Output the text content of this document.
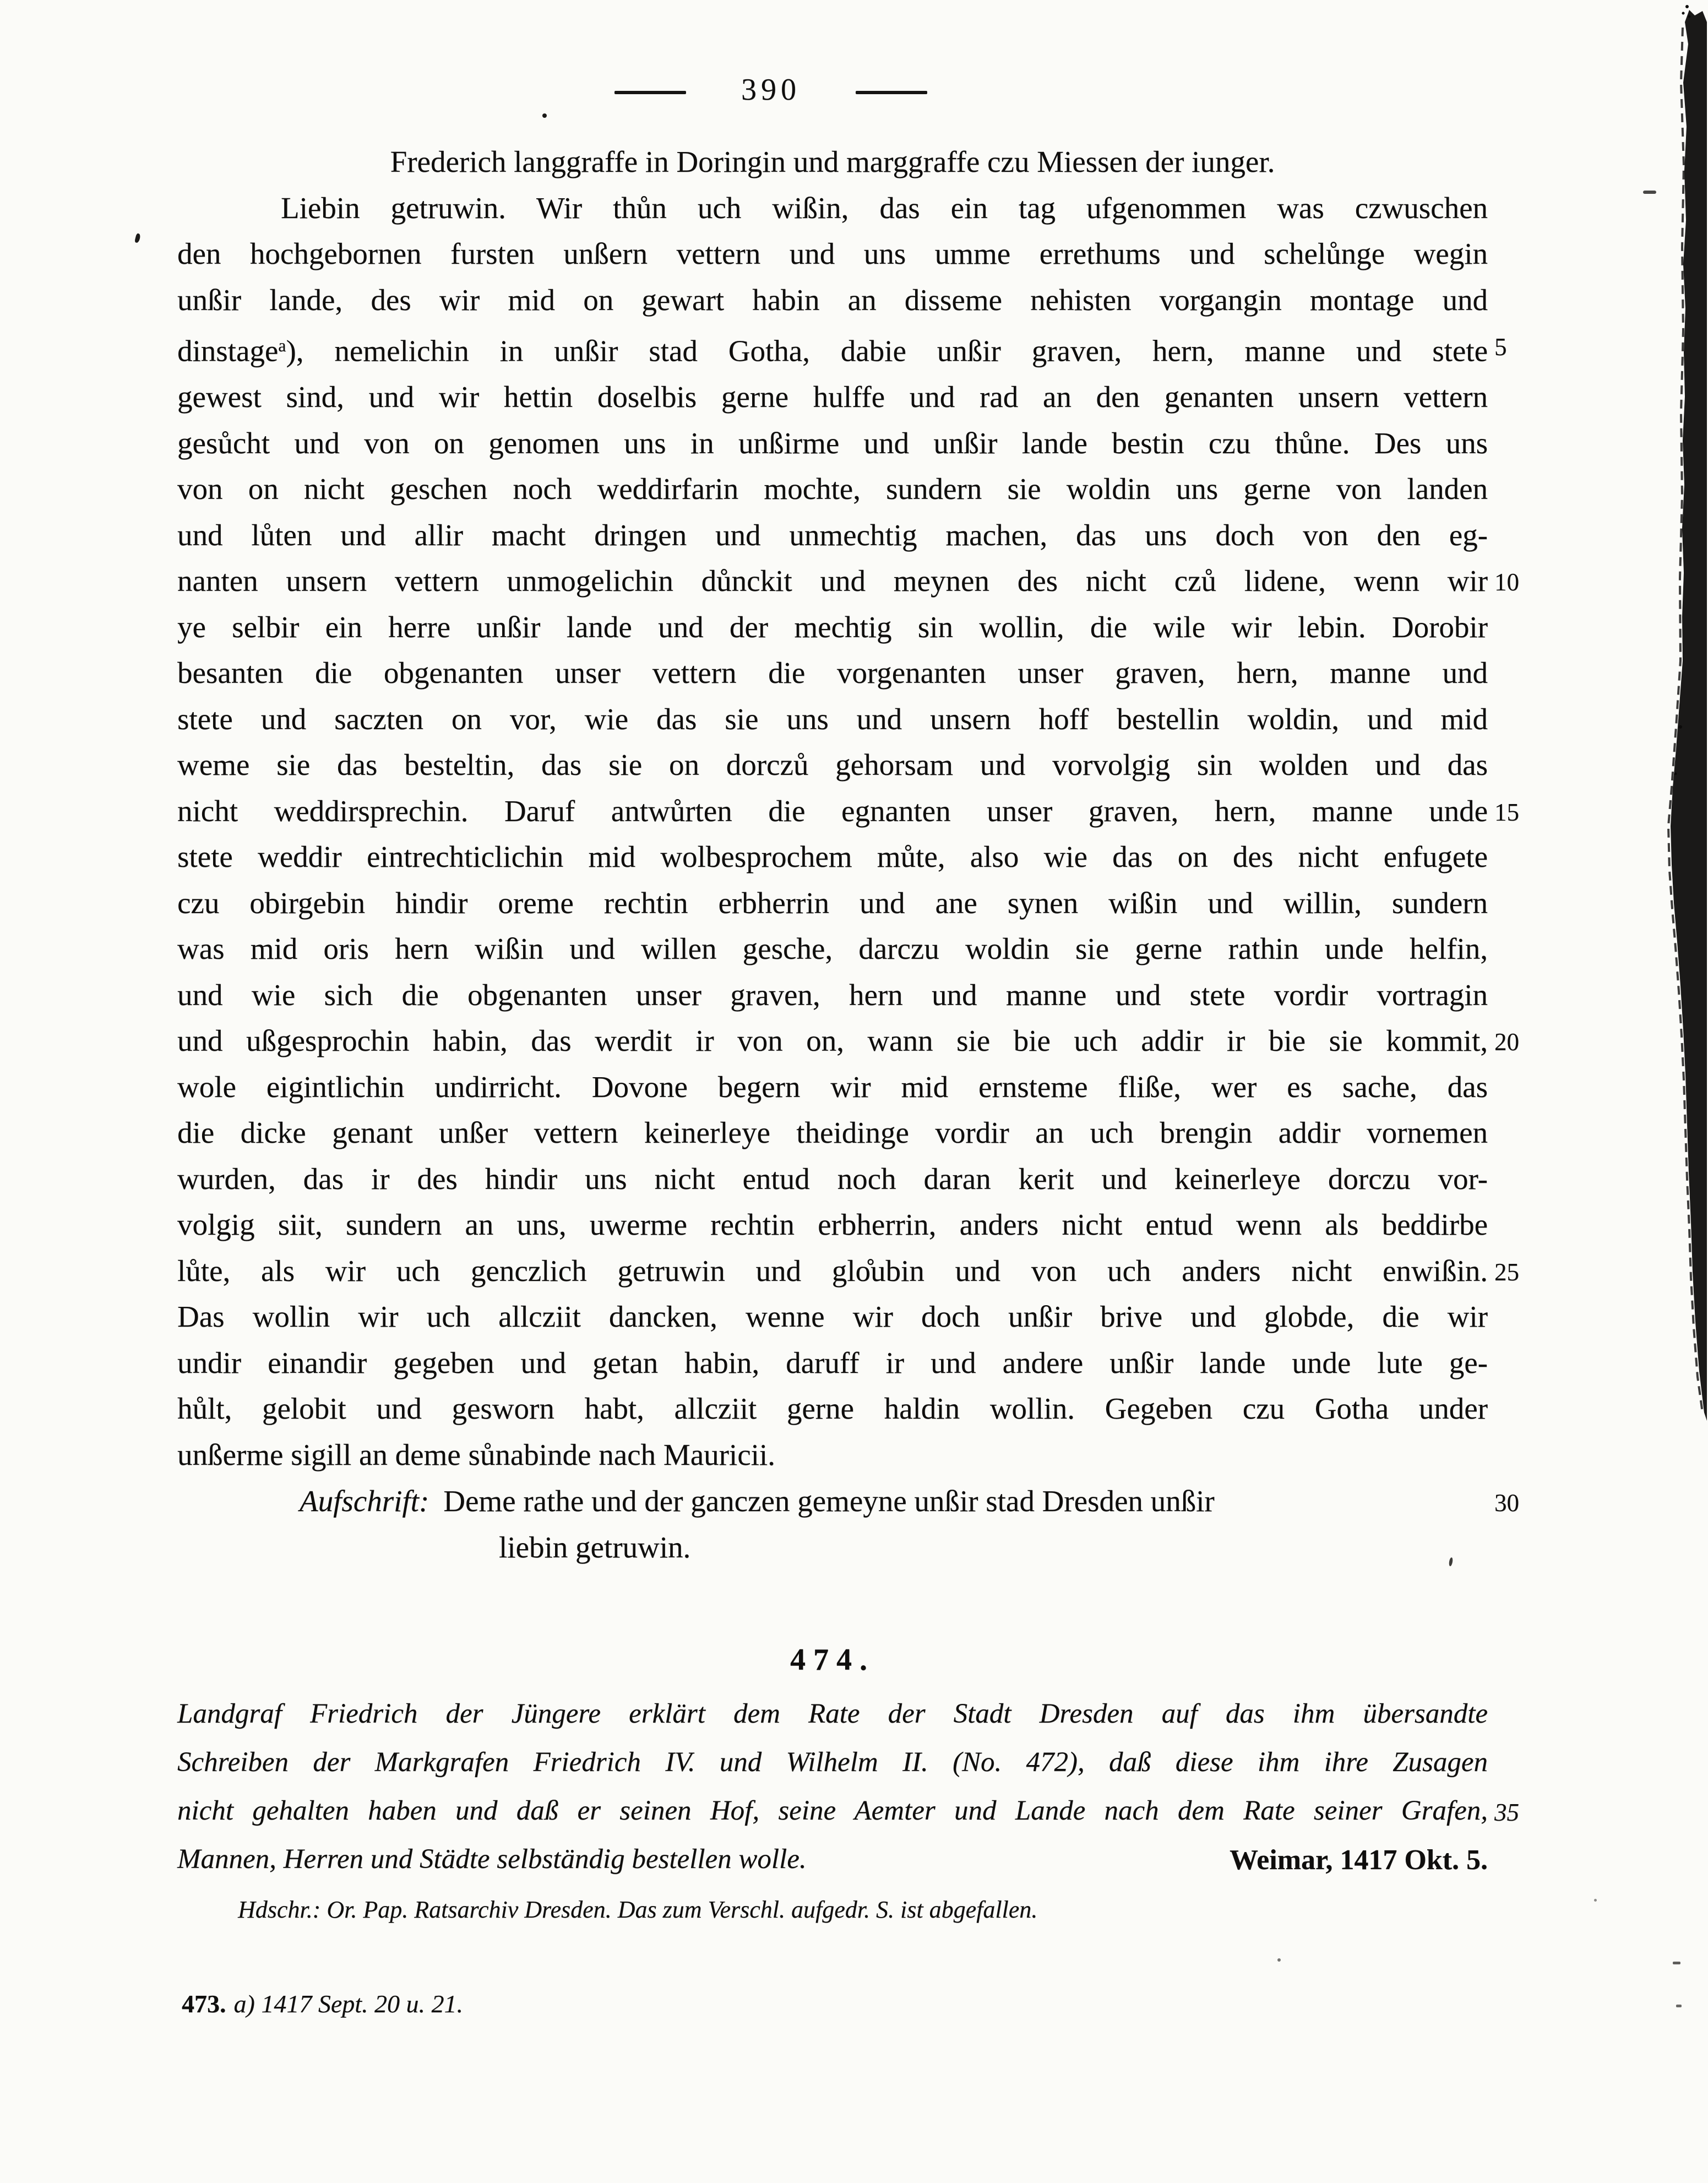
390
Frederich langgraffe in Doringin und marggraffe czu Miessen der iunger.
Liebin getruwin. Wir thůn uch wißin, das ein tag ufgenommen was czwuschen
den hochgebornen fursten unßern vettern und uns umme errethums und schelůnge wegin
unßir lande, des wir mid on gewart habin an disseme nehisten vorgangin montage und
dinstage$^a$), nemelichin in unßir stad Gotha, dabie unßir graven, hern, manne und stete 5
gewest sind, und wir hettin doselbis gerne hulffe und rad an den genanten unsern vettern
gesůcht und von on genomen uns in unßirme und unßir lande bestin czu thůne. Des uns
von on nicht geschen noch weddirfarin mochte, sundern sie woldin uns gerne von landen
und lůten und allir macht dringen und unmechtig machen, das uns doch von den eg-
nanten unsern vettern unmogelichin důnckit und meynen des nicht czů lidene, wenn wir 10
ye selbir ein herre unßir lande und der mechtig sin wollin, die wile wir lebin. Dorobir
besanten die obgenanten unser vettern die vorgenanten unser graven, hern, manne und
stete und saczten on vor, wie das sie uns und unsern hoff bestellin woldin, und mid
weme sie das besteltin, das sie on dorczů gehorsam und vorvolgig sin wolden und das
nicht weddirsprechin. Daruf antwůrten die egnanten unser graven, hern, manne unde 15
stete weddir eintrechticlichin mid wolbesprochem můte, also wie das on des nicht enfugete
czu obirgebin hindir oreme rechtin erbherrin und ane synen wißin und willin, sundern
was mid oris hern wißin und willen gesche, darczu woldin sie gerne rathin unde helfin,
und wie sich die obgenanten unser graven, hern und manne und stete vordir vortragin
und ußgesprochin habin, das werdit ir von on, wann sie bie uch addir ir bie sie kommit, 20
wole eigintlichin undirricht. Dovone begern wir mid ernsteme fliße, wer es sache, das
die dicke genant unßer vettern keinerleye theidinge vordir an uch brengin addir vornemen
wurden, das ir des hindir uns nicht entud noch daran kerit und keinerleye dorczu vor-
volgig siit, sundern an uns, uwerme rechtin erbherrin, anders nicht entud wenn als beddirbe
lůte, als wir uch genczlich getruwin und glo̊ubin und von uch anders nicht enwißin. 25
Das wollin wir uch allcziit dancken, wenne wir doch unßir brive und globde, die wir
undir einandir gegeben und getan habin, daruff ir und andere unßir lande unde lute ge-
hůlt, gelobit und gesworn habt, allcziit gerne haldin wollin. Gegeben czu Gotha under
unßerme sigill an deme sůnabinde nach Mauricii.
Aufschrift: Deme rathe und der ganczen gemeyne unßir stad Dresden unßir	30
liebin getruwin.
474.
Landgraf Friedrich der Jüngere erklärt dem Rate der Stadt Dresden auf das ihm übersandte
Schreiben der Markgrafen Friedrich IV. und Wilhelm II. (No. 472), daß diese ihm ihre Zusagen
nicht gehalten haben und daß er seinen Hof, seine Aemter und Lande nach dem Rate seiner Grafen, 35
Mannen, Herren und Städte selbständig bestellen wolle.	Weimar, 1417 Okt. 5.
Hdschr.: Or. Pap. Ratsarchiv Dresden. Das zum Verschl. aufgedr. S. ist abgefallen.
473. a) 1417 Sept. 20 u. 21.
